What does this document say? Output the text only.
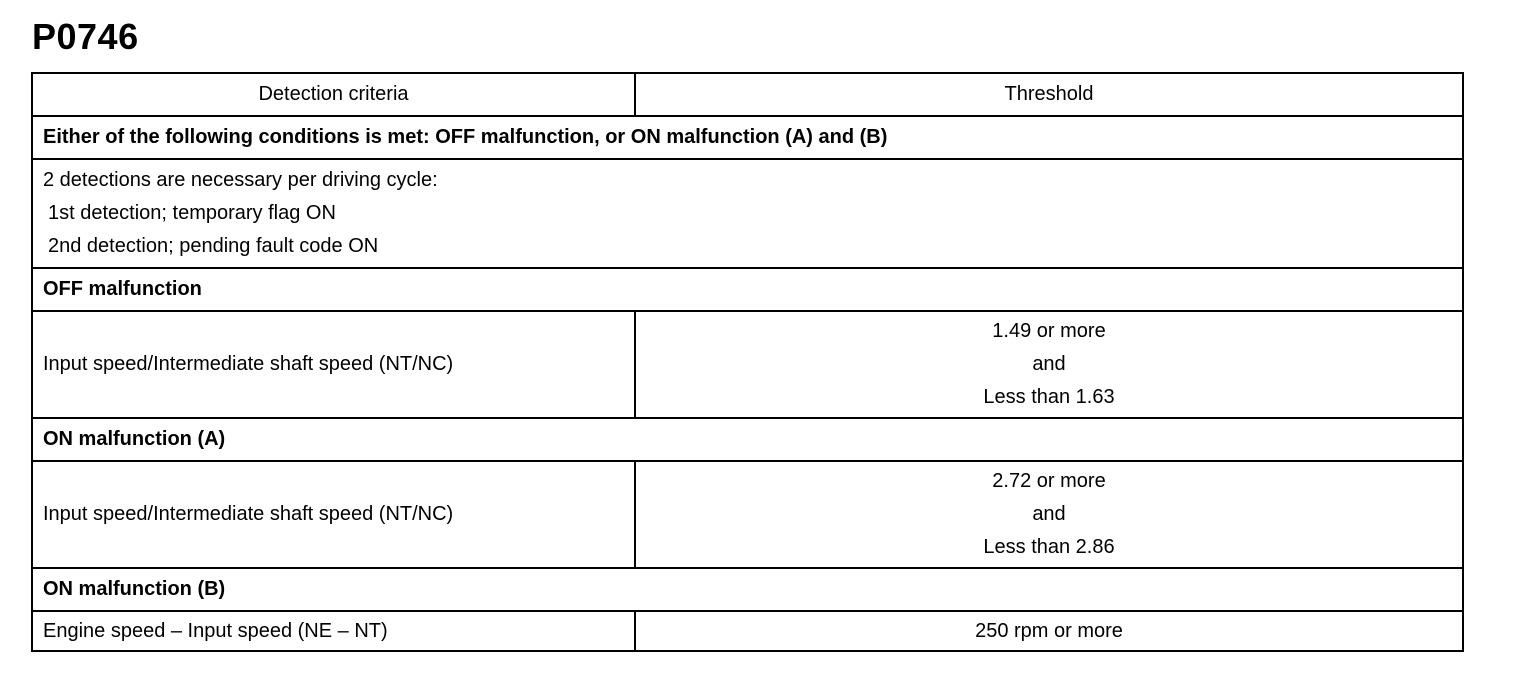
P0746
Detection criteria	Threshold
Either of the following conditions is met: OFF malfunction, or ON malfunction (A) and (B)	

2 detections are necessary per driving cycle:
1st detection; temporary flag ON
2nd detection; pending fault code ON	

OFF malfunction	
Input speed/Intermediate shaft speed (NT/NC)	1.49 or more
and
Less than 1.63

ON malfunction (A)	
Input speed/Intermediate shaft speed (NT/NC)	2.72 or more
and
Less than 2.86

ON malfunction (B)	
Engine speed – Input speed (NE – NT)	250 rpm or more
